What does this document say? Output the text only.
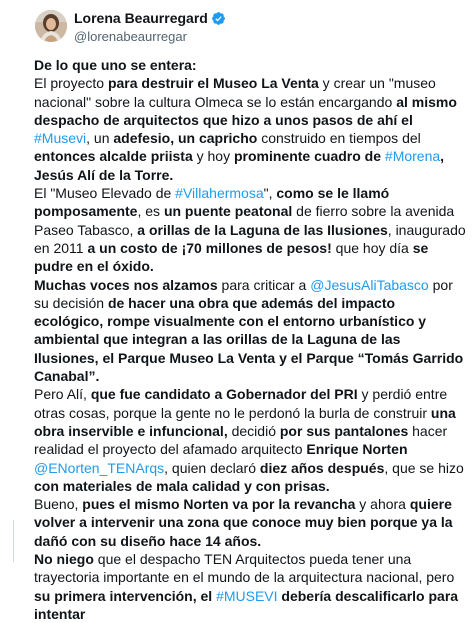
Lorena Beaurregard
@lorenabeaurregar

De lo que uno se entera:

El proyecto para destruir el Museo La Venta y crear un "museo nacional" sobre la cultura Olmeca se lo están encargando al mismo despacho de arquitectos que hizo a unos pasos de ahí el #Musevi, un adefesio, un capricho construido en tiempos del entonces alcalde priista y hoy prominente cuadro de #Morena, Jesús Alí de la Torre.

El "Museo Elevado de #Villahermosa", como se le llamó pomposamente, es un puente peatonal de fierro sobre la avenida Paseo Tabasco, a orillas de la Laguna de las Ilusiones, inaugurado en 2011 a un costo de ¡70 millones de pesos! que hoy día se pudre en el óxido.

Muchas voces nos alzamos para criticar a @JesusAliTabasco por su decisión de hacer una obra que además del impacto ecológico, rompe visualmente con el entorno urbanístico y ambiental que integran a las orillas de la Laguna de las Ilusiones, el Parque Museo La Venta y el Parque “Tomás Garrido Canabal”.

Pero Alí, que fue candidato a Gobernador del PRI y perdió entre otras cosas, porque la gente no le perdonó la burla de construir una obra inservible e infuncional, decidió por sus pantalones hacer realidad el proyecto del afamado arquitecto Enrique Norten @ENorten_TENArqs, quien declaró diez años después, que se hizo con materiales de mala calidad y con prisas.

Bueno, pues el mismo Norten va por la revancha y ahora quiere volver a intervenir una zona que conoce muy bien porque ya la dañó con su diseño hace 14 años.

No niego que el despacho TEN Arquitectos pueda tener una trayectoria importante en el mundo de la arquitectura nacional, pero su primera intervención, el #MUSEVI debería descalificarlo para intentar
